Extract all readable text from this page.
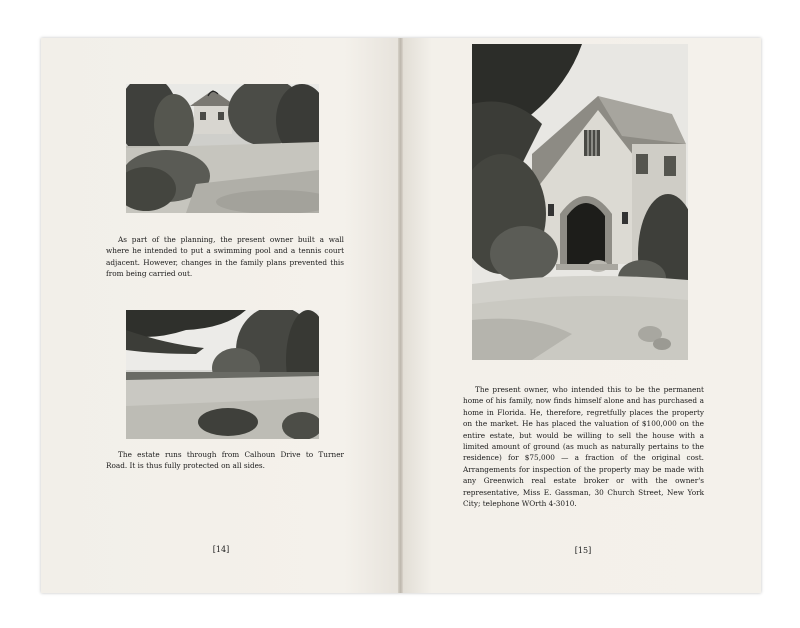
As part of the planning, the present owner built a wall where he intended to put a swimming pool and a tennis court adjacent. However, changes in the family plans prevented this from being carried out.

The estate runs through from Calhoun Drive to Turner Road. It is thus fully protected on all sides.

[14]

The present owner, who intended this to be the permanent home of his family, now finds himself alone and has purchased a home in Florida. He, therefore, regretfully places the property on the market. He has placed the valuation of $100,000 on the entire estate, but would be willing to sell the house with a limited amount of ground (as much as naturally pertains to the residence) for $75,000 — a fraction of the original cost. Arrangements for inspection of the property may be made with any Greenwich real estate broker or with the owner's representative, Miss E. Gassman, 30 Church Street, New York City; telephone WOrth 4-3010.

[15]
